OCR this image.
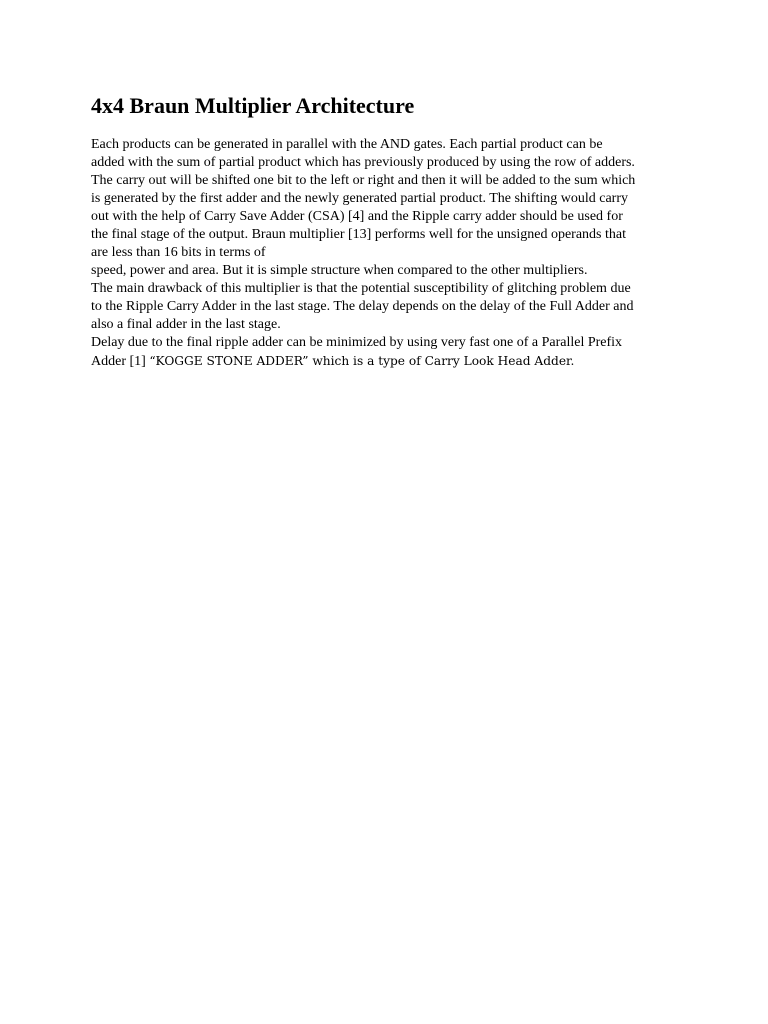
4x4 Braun Multiplier Architecture

Each products can be generated in parallel with the AND gates. Each partial product can be

added with the sum of partial product which has previously produced by using the row of adders.

The carry out will be shifted one bit to the left or right and then it will be added to the sum which

is generated by the first adder and the newly generated partial product. The shifting would carry

out with the help of Carry Save Adder (CSA) [4] and the Ripple carry adder should be used for

the final stage of the output. Braun multiplier [13] performs well for the unsigned operands that

are less than 16 bits in terms of

speed, power and area. But it is simple structure when compared to the other multipliers.

The main drawback of this multiplier is that the potential susceptibility of glitching problem due

to the Ripple Carry Adder in the last stage. The delay depends on the delay of the Full Adder and

also a final adder in the last stage.

Delay due to the final ripple adder can be minimized by using very fast one of a Parallel Prefix

Adder [1] “KOGGE STONE ADDER” which is a type of Carry Look Head Adder.
